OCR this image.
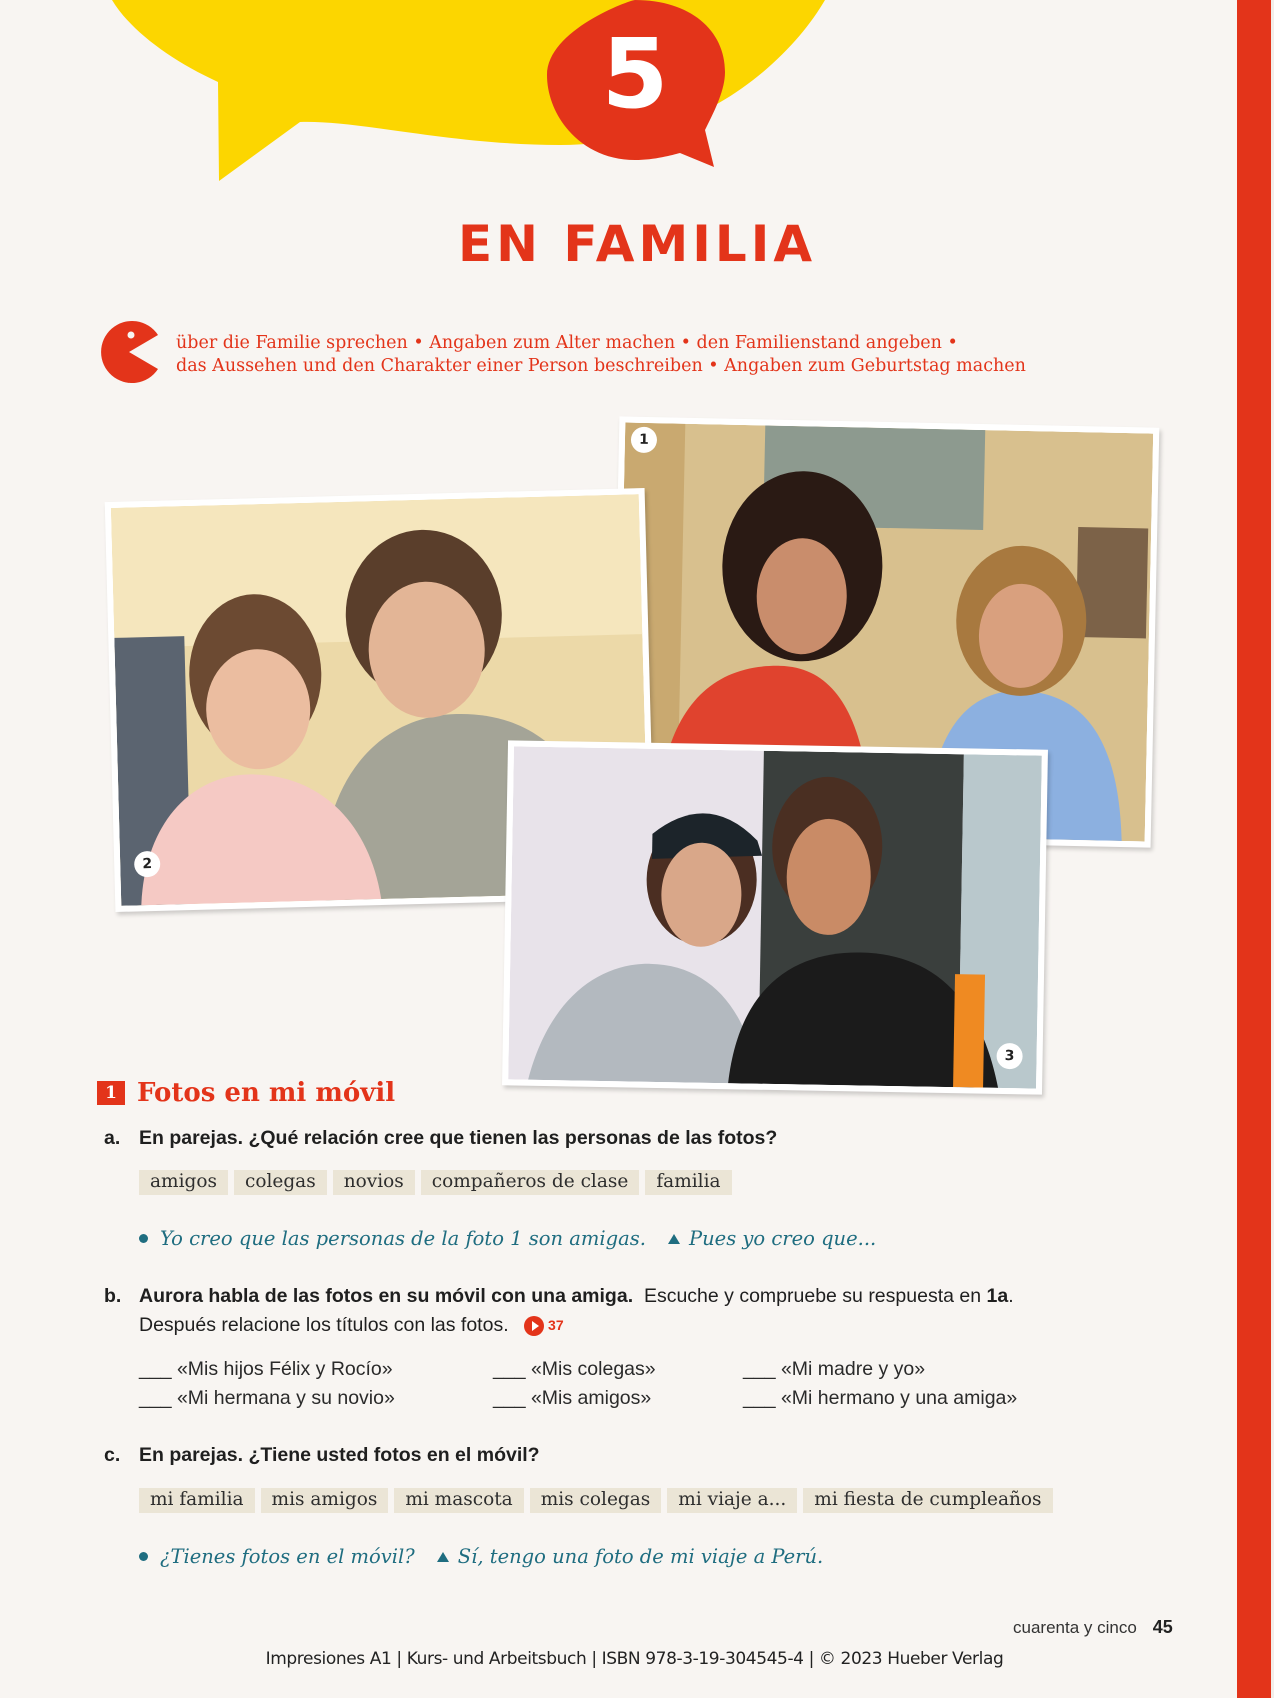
5
EN FAMILIA
über die Familie sprechen • Angaben zum Alter machen • den Familienstand angeben •
das Aussehen und den Charakter einer Person beschreiben • Angaben zum Geburtstag machen
1
2
3
1 Fotos en mi móvil
a. En parejas. ¿Qué relación cree que tienen las personas de las fotos?
amigos	colegas	novios	compañeros de clase	familia
Yo creo que las personas de la foto 1 son amigas. Pues yo creo que...
b. Aurora habla de las fotos en su móvil con una amiga. Escuche y compruebe su respuesta en 1a.
Después relacione los títulos con las fotos.	37
___ «Mis hijos Félix y Rocío»	___ «Mis colegas»	___ «Mi madre y yo»
___ «Mi hermana y su novio»	___ «Mis amigos»	___ «Mi hermano y una amiga»
c. En parejas. ¿Tiene usted fotos en el móvil?
mi familia	mis amigos	mi mascota	mis colegas	mi viaje a...	mi fiesta de cumpleaños
¿Tienes fotos en el móvil? Sí, tengo una foto de mi viaje a Perú.
cuarenta y cinco 45
Impresiones A1 | Kurs- und Arbeitsbuch | ISBN 978-3-19-304545-4 | © 2023 Hueber Verlag
